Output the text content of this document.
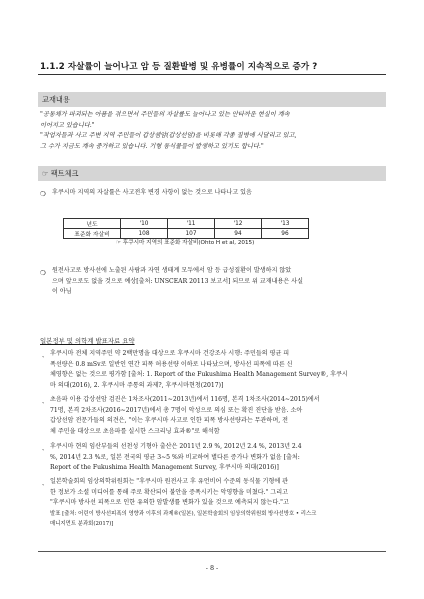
1.1.2 자살률이 늘어나고 암 등 질환발병 및 유병률이 지속적으로 증가 ?
교재내용
"공동체가 파괴되는 아픔을 겪으면서 주민들의 자살률도 늘어나고 있는 안타까운 현실이 계속
이어지고 있습니다."
"작업자들과 사고 주변 지역 주민들이 갑상샘암(갑상선암)을 비롯해 각종 질병에 시달리고 있고,
그 수가 지금도 계속 증가하고 있습니다. 기형 동식물들이 발생하고 있기도 합니다."
☞ 팩트체크
❍ 후쿠시마 지역의 자살률은 사고전후 변경 사항이 없는 것으로 나타나고 있음
년도	'10	'11	'12	'13
표준화 자살비	108	107	94	96
☞ 후쿠시마 지역의 표준화 자살비(Ohto H et al, 2015)
❍ 원전사고로 방사선에 노출된 사람과 자연 생태계 모두에서 암 등 급성질환이 발생하지 않았
으며 앞으로도 없을 것으로 예상[출처: UNSCEAR 20113 보고서] 되므로 위 교재내용은 사실
이 아님
일본정부 및 의학계 발표자료 요약
ㆍ
후쿠시마 전체 지역주민 약 2백만명을 대상으로 후쿠시마 건강조사 시행: 주민들의 평균 피
폭선량은 0.8 mSv로 일반인 연간 피폭 허용선량 이하로 나타났으며, 방사선 피폭에 따른 신
체영향은 없는 것으로 평가함 [출처: 1. Report of the Fukushima Health Management Survey®, 후쿠시
마 의대(2016), 2. 후쿠시마 주통의 과제?, 후쿠시마현청(2017)]
ㆍ
초음파 이용 갑상선암 검진은 1차조사(2011~2013년)에서 116명, 본격 1차조사(2014~2015)에서
71명, 본격 2차조사(2016~2017년)에서 총 7명이 악성으로 의심 또는 확진 진단을 받음. 소아
갑상선암 전문가들의 의견은, "이는 후쿠시마 사고로 인한 피폭 방사선량과는 무관하며, 전
체 주민을 대상으로 초음파를 실시한 스크리닝 효과®"로 해석함
ㆍ
후쿠시마 현의 임산부들의 선천성 기형아 출산은 2011년 2.9 %, 2012년 2.4 %, 2013년 2.4
%, 2014년 2.3 %로, 일본 전국의 평균 3~5 %와 비교하여 별다른 증가나 변화가 없음 [출처:
Report of the Fukushima Health Management Survey, 후쿠시마 의대(2016)]
ㆍ
일본학술회의 임상의학위원회는 "후쿠시마 원전사고 후 유언비어 수준의 동식물 기형에 관
한 정보가 소셜 미디어를 통해 주로 확산되어 불안을 증폭시키는 악영향을 미쳤다." 그리고
"후쿠시마 방사선 피폭으로 인한 유의한 암발생률 변화가 있을 것으로 예측되지 않는다."고
발표 [출처: 어린이 방사선피폭의 영향과 이후의 과제®(일본), 일본학술회의 임상의학위원회 방사선방호 • 리스크
매니지먼트 분과회(2017)]
- 8 -
